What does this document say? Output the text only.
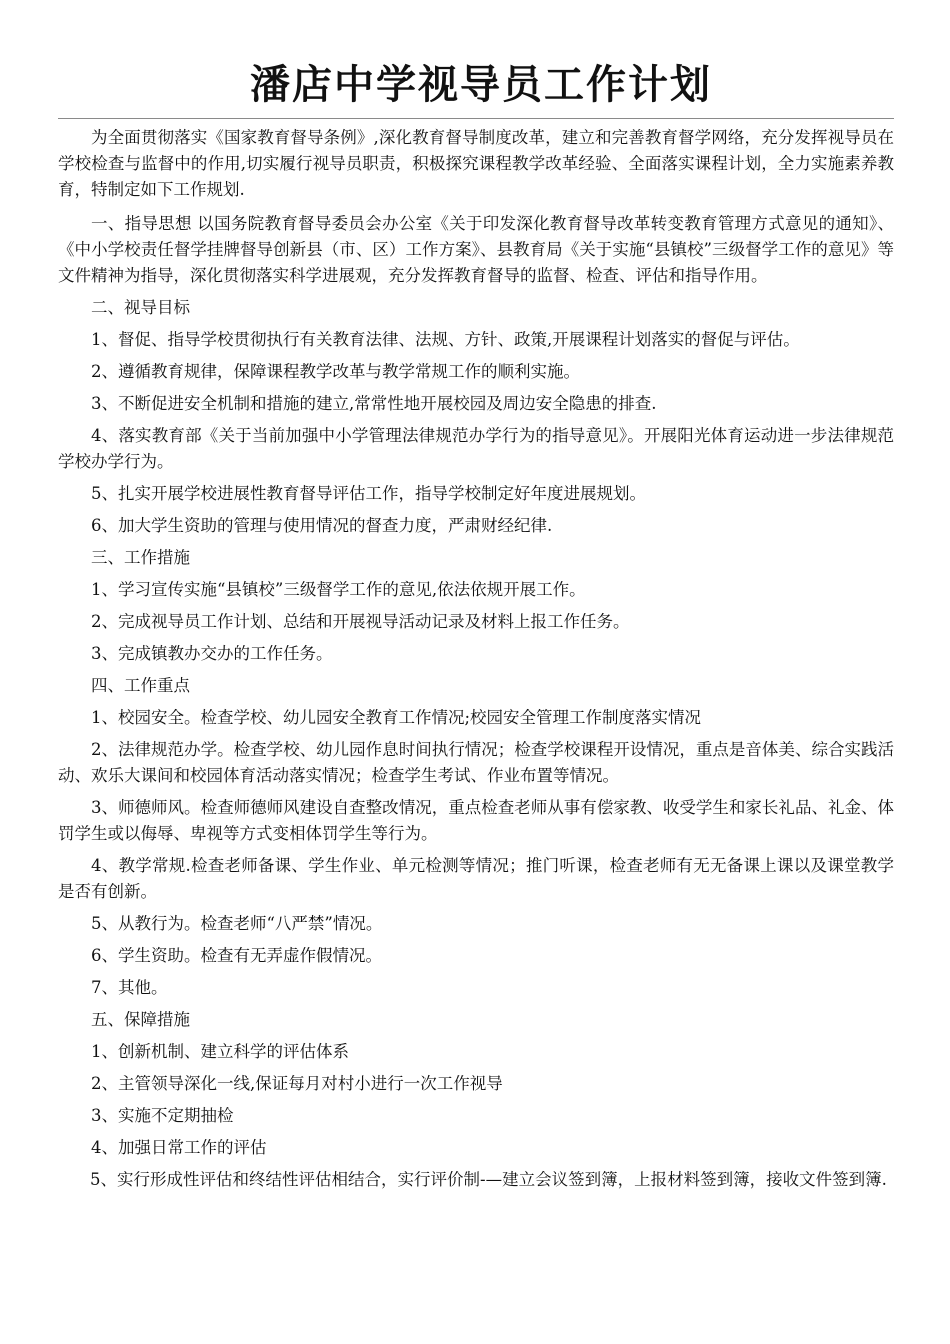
潘店中学视导员工作计划

为全面贯彻落实《国家教育督导条例》,深化教育督导制度改革，建立和完善教育督学网络，充分发挥视导员在学校检查与监督中的作用,切实履行视导员职责，积极探究课程教学改革经验、全面落实课程计划，全力实施素养教育，特制定如下工作规划.

一、指导思想 以国务院教育督导委员会办公室《关于印发深化教育督导改革转变教育管理方式意见的通知》、《中小学校责任督学挂牌督导创新县（市、区）工作方案》、县教育局《关于实施“县镇校”三级督学工作的意见》等文件精神为指导，深化贯彻落实科学进展观，充分发挥教育督导的监督、检查、评估和指导作用。

二、视导目标

1、督促、指导学校贯彻执行有关教育法律、法规、方针、政策,开展课程计划落实的督促与评估。

2、遵循教育规律，保障课程教学改革与教学常规工作的顺利实施。

3、不断促进安全机制和措施的建立,常常性地开展校园及周边安全隐患的排查.

4、落实教育部《关于当前加强中小学管理法律规范办学行为的指导意见》。开展阳光体育运动进一步法律规范学校办学行为。

5、扎实开展学校进展性教育督导评估工作，指导学校制定好年度进展规划。

6、加大学生资助的管理与使用情况的督查力度，严肃财经纪律.

三、工作措施

1、学习宣传实施“县镇校”三级督学工作的意见,依法依规开展工作。

2、完成视导员工作计划、总结和开展视导活动记录及材料上报工作任务。

3、完成镇教办交办的工作任务。

四、工作重点

1、校园安全。检查学校、幼儿园安全教育工作情况;校园安全管理工作制度落实情况

2、法律规范办学。检查学校、幼儿园作息时间执行情况；检查学校课程开设情况，重点是音体美、综合实践活动、欢乐大课间和校园体育活动落实情况；检查学生考试、作业布置等情况。

3、师德师风。检查师德师风建设自查整改情况，重点检查老师从事有偿家教、收受学生和家长礼品、礼金、体罚学生或以侮辱、卑视等方式变相体罚学生等行为。

4、教学常规.检查老师备课、学生作业、单元检测等情况；推门听课，检查老师有无无备课上课以及课堂教学是否有创新。

5、从教行为。检查老师“八严禁”情况。

6、学生资助。检查有无弄虚作假情况。

7、其他。

五、保障措施

1、创新机制、建立科学的评估体系

2、主管领导深化一线,保证每月对村小进行一次工作视导

3、实施不定期抽检

4、加强日常工作的评估

5、实行形成性评估和终结性评估相结合，实行评价制-—建立会议签到簿，上报材料签到簿，接收文件签到簿.
